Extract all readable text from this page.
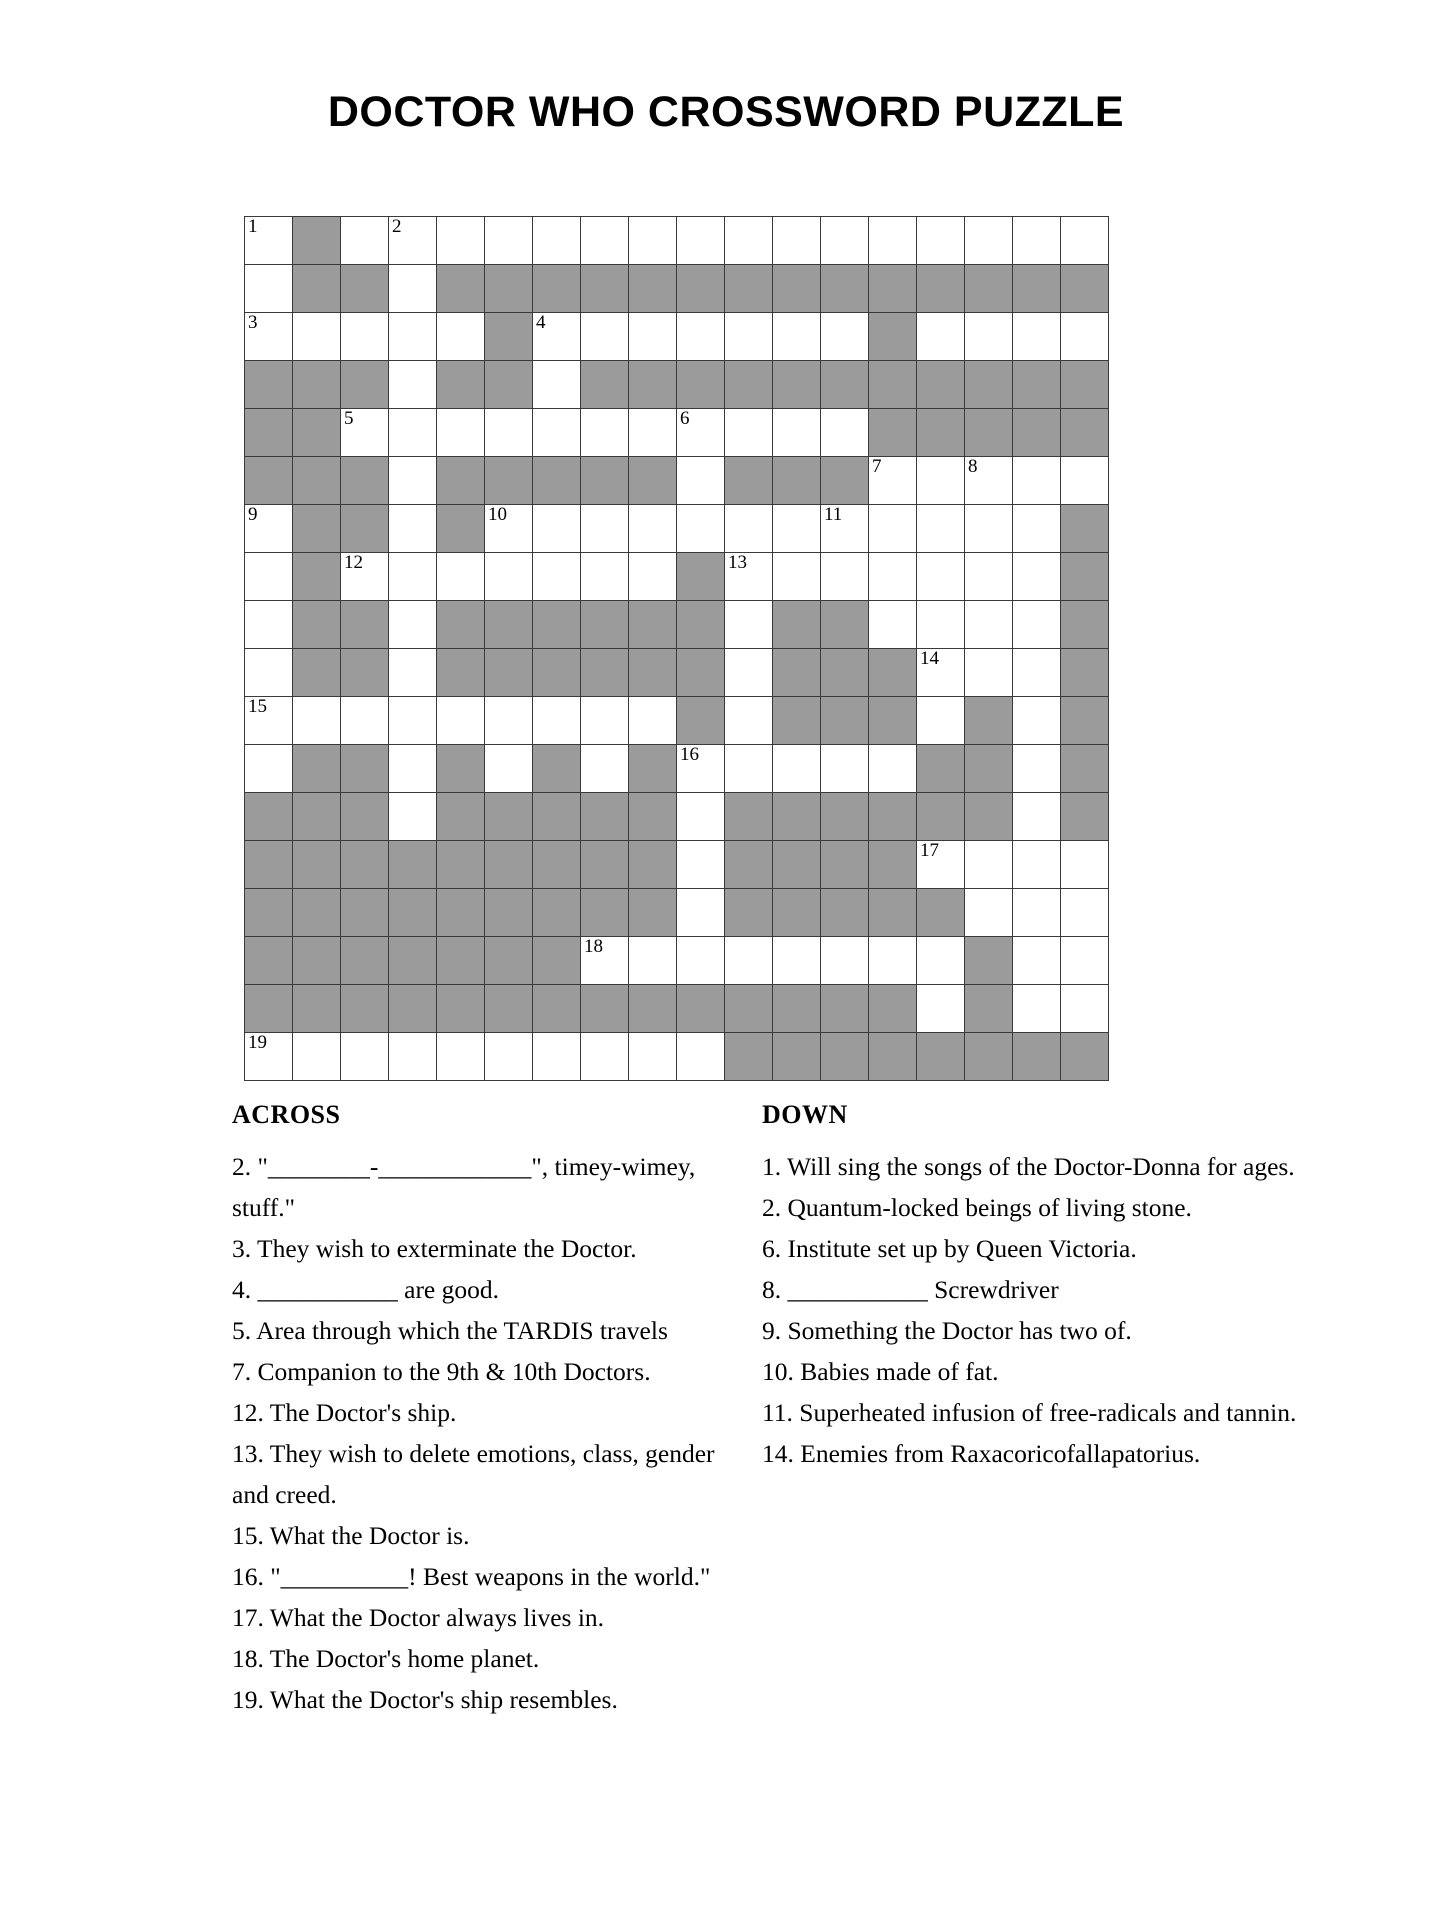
DOCTOR WHO CROSSWORD PUZZLE
1			2														

3						4											

		5							6								

													7		8		

9					10							11					

		12								13							

														14			

15																	

									16								

														17			

							18										

19																	

ACROSS	DOWN

2. "________-____________", timey-wimey, stuff."

3. They wish to exterminate the Doctor.

4. ___________ are good.

5. Area through which the TARDIS travels

7. Companion to the 9th & 10th Doctors.

12. The Doctor's ship.

13. They wish to delete emotions, class, gender and creed.

15. What the Doctor is.

16. "__________! Best weapons in the world."

17. What the Doctor always lives in.

18. The Doctor's home planet.

19. What the Doctor's ship resembles.

1. Will sing the songs of the Doctor-Donna for ages.

2. Quantum-locked beings of living stone.

6. Institute set up by Queen Victoria.

8. ___________ Screwdriver

9. Something the Doctor has two of.

10. Babies made of fat.

11. Superheated infusion of free-radicals and tannin.

14. Enemies from Raxacoricofallapatorius.
